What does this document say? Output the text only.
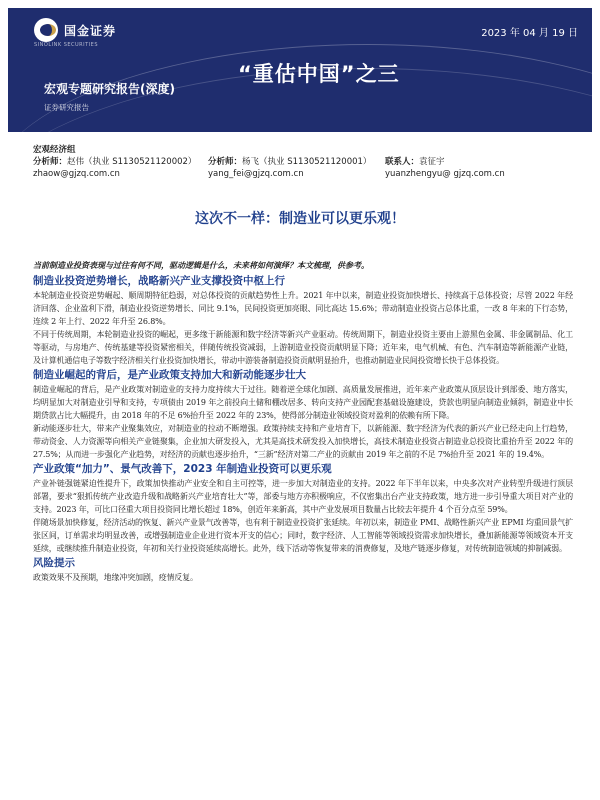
国金证券
SINOLINK SECURITIES
2023 年 04 月 19 日
宏观专题研究报告(深度)
证券研究报告
“重估中国”之三
宏观经济组
分析师：赵伟（执业 S1130521120002）	分析师：杨飞（执业 S1130521120001）	联系人：袁征宇
zhaow@gjzq.com.cn	yang_fei@gjzq.com.cn	yuanzhengyu@ gjzq.com.cn
这次不一样：制造业可以更乐观！
当前制造业投资表现与过往有何不同，驱动逻辑是什么，未来将如何演绎？本文梳理，供参考。
制造业投资逆势增长，战略新兴产业支撑投资中枢上行
本轮制造业投资逆势崛起、顺周期特征趋弱，对总体投资的贡献趋势性上升。2021 年中以来，制造业投资加快增长、持续高于总体投资；尽管 2022 年经济回落、企业盈利下滑，制造业投资逆势增长、同比 9.1%，民间投资更加亮眼、同比高达 15.6%；带动制造业投资占总体比重，一改 8 年来的下行态势，连续 2 年上行、2022 年升至 26.8%。
不同于传统周期，本轮制造业投资的崛起，更多缘于新能源和数字经济等新兴产业驱动。传统周期下，制造业投资主要由上游黑色金属、非金属制品、化工等驱动，与房地产、传统基建等投资紧密相关，伴随传统投资减弱，上游制造业投资贡献明显下降；近年来，电气机械、有色、汽车制造等新能源产业链，及计算机通信电子等数字经济相关行业投资加快增长，带动中游装备制造投资贡献明显抬升，也推动制造业民间投资增长快于总体投资。
制造业崛起的背后，是产业政策支持加大和新动能逐步壮大
制造业崛起的背后，是产业政策对制造业的支持力度持续大于过往。随着逆全球化加剧、高质量发展推进，近年来产业政策从顶层设计到部委、地方落实，均明显加大对制造业引导和支持，专项债由 2019 年之前投向土储和棚改居多、转向支持产业园配套基础设施建设，贷款也明显向制造业倾斜，制造业中长期贷款占比大幅提升，由 2018 年的不足 6%抬升至 2022 年的 23%，使得部分制造业领域投资对盈利的依赖有所下降。
新动能逐步壮大，带来产业聚集效应，对制造业的拉动不断增强。政策持续支持和产业培育下，以新能源、数字经济为代表的新兴产业已经走向上行趋势，带动资金、人力资源等向相关产业链聚集，企业加大研发投入，尤其是高技术研发投入加快增长，高技术制造业投资占制造业总投资比重抬升至 2022 年的 27.5%；从而进一步强化产业趋势，对经济的贡献也逐步抬升，“三新”经济对第二产业的贡献由 2019 年之前的不足 7%抬升至 2021 年的 19.4%。
产业政策“加力”、景气改善下，2023 年制造业投资可以更乐观
产业补链强链紧迫性提升下，政策加快推动产业安全和自主可控等，进一步加大对制造业的支持。2022 年下半年以来，中央多次对产业转型升级进行顶层部署，要求“狠抓传统产业改造升级和战略新兴产业培育壮大”等，部委与地方亦积极响应，不仅密集出台产业支持政策，地方进一步引导重大项目对产业的支持。2023 年，可比口径重大项目投资同比增长超过 18%，创近年来新高，其中产业发展项目数量占比较去年提升 4 个百分点至 59%。
伴随场景加快修复，经济活动的恢复、新兴产业景气改善等，也有利于制造业投资扩张延续。年初以来，制造业 PMI、战略性新兴产业 EPMI 均重回景气扩张区间，订单需求均明显改善，或增强制造业企业进行资本开支的信心；同时，数字经济、人工智能等领域投资需求加快增长，叠加新能源等领域资本开支延续，或继续推升制造业投资，年初和关行业投资延续高增长。此外，线下活动等恢复带来的消费修复，及地产链逐步修复，对传统制造领域的抑制减弱。
风险提示
政策效果不及预期，地缘冲突加剧，疫情反复。
